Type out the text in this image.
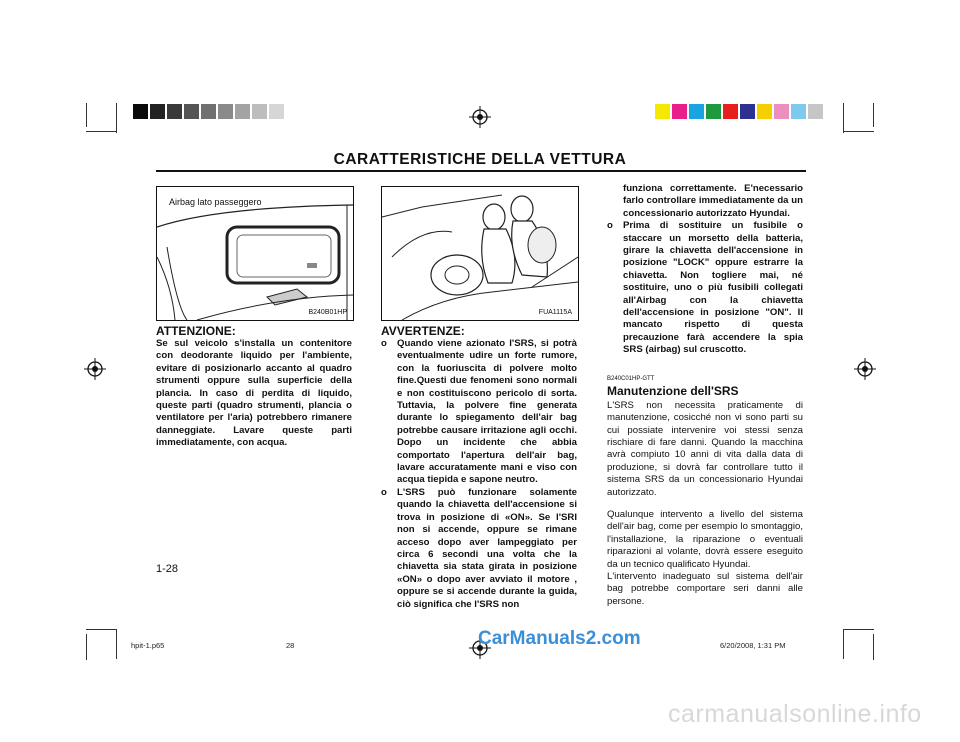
CARATTERISTICHE DELLA VETTURA
Airbag lato passeggero
B240B01HP
ATTENZIONE:
Se sul veicolo s'installa un contenitore con deodorante liquido per l'ambiente, evitare di posizionarlo accanto al quadro strumenti oppure sulla superficie della plancia. In caso di perdita di liquido, queste parti (quadro strumenti, plancia o ventilatore per l'aria) potrebbero rimanere danneggiate. Lavare queste parti immediatamente, con acqua.
FUA1115A
AVVERTENZE:
o Quando viene azionato l'SRS, si potrà eventualmente udire un forte rumore, con la fuoriuscita di polvere molto fine.Questi due fenomeni sono normali e non costituiscono pericolo di sorta. Tuttavia, la polvere fine generata durante lo spiegamento dell'air bag potrebbe causare irritazione agli occhi. Dopo un incidente che abbia comportato l'apertura dell'air bag, lavare accuratamente mani e viso con acqua tiepida e sapone neutro.
o L'SRS può funzionare solamente quando la chiavetta dell'accensione si trova in posizione di «ON». Se l'SRI non si accende, oppure se rimane acceso dopo aver lampeggiato per circa 6 secondi una volta che la chiavetta sia stata girata in posizione «ON» o dopo aver avviato il motore , oppure se si accende durante la guida, ciò significa che l'SRS non
funziona correttamente. E'necessario farlo controllare immediatamente da un concessionario autorizzato Hyundai.
o Prima di sostituire un fusibile o staccare un morsetto della batteria, girare la chiavetta dell'accensione in posizione "LOCK" oppure estrarre la chiavetta. Non togliere mai, né sostituire, uno o più fusibili collegati all'Airbag con la chiavetta dell'accensione in posizione "ON". Il mancato rispetto di questa precauzione farà accendere la spia SRS (airbag) sul cruscotto.
B240C01HP-GTT
Manutenzione dell'SRS
L'SRS non necessita praticamente di manutenzione, cosicché non vi sono parti su cui possiate intervenire voi stessi senza rischiare di fare danni. Quando la macchina avrà compiuto 10 anni di vita dalla data di produzione, si dovrà far controllare tutto il sistema SRS da un concessionario Hyundai autorizzato.
Qualunque intervento a livello del sistema dell'air bag, come per esempio lo smontaggio, l'installazione, la riparazione o eventuali riparazioni al volante, dovrà essere eseguito da un tecnico qualificato Hyundai.
L'intervento inadeguato sul sistema dell'air bag potrebbe comportare seri danni alle persone.
1-28
hpit-1.p65	28	6/20/2008, 1:31 PM
CarManuals2.com
carmanualsonline.info
